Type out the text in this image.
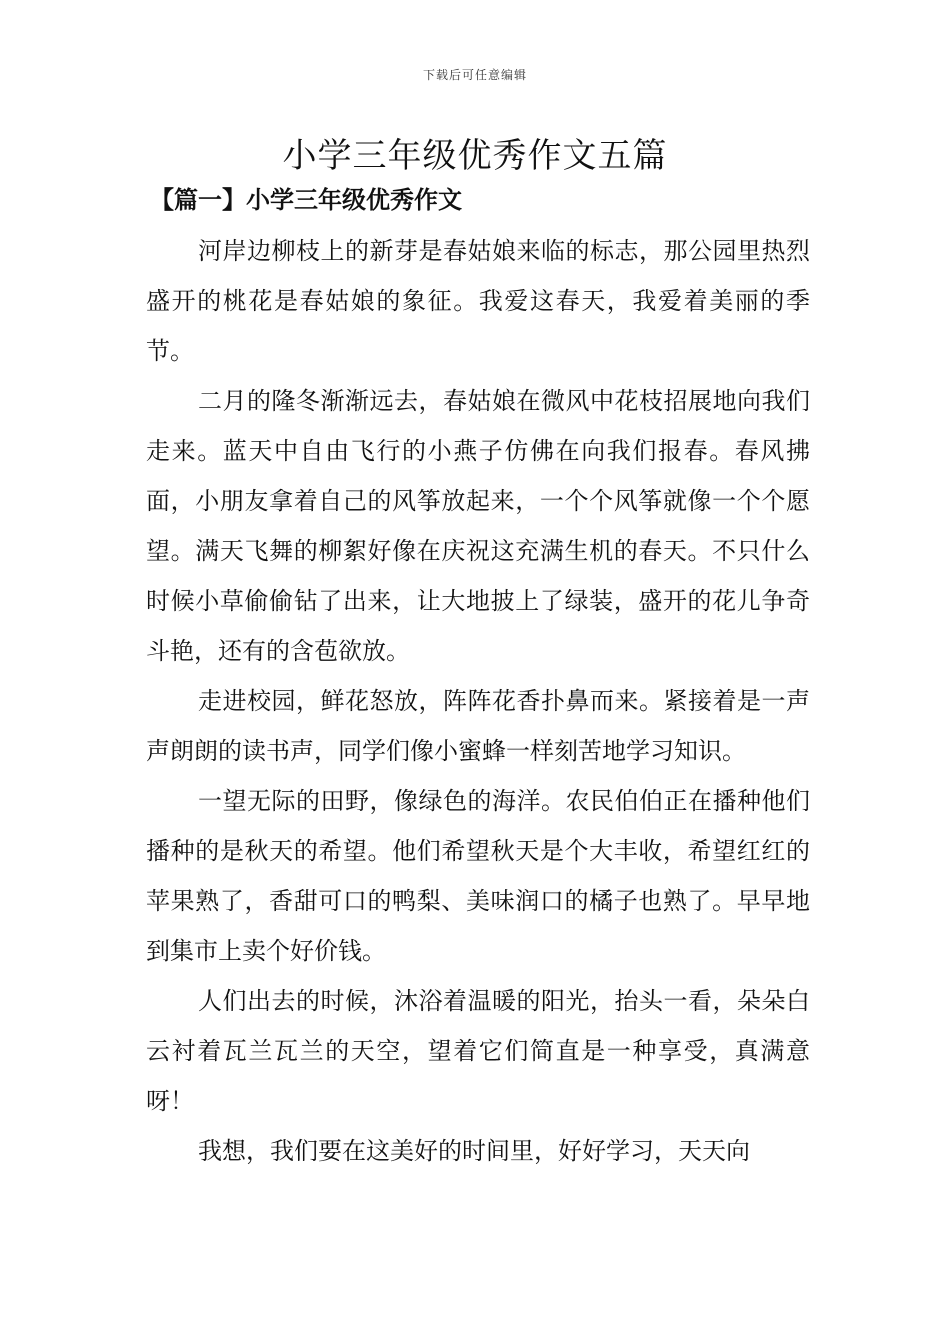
下载后可任意编辑
小学三年级优秀作文五篇
【篇一】小学三年级优秀作文

河岸边柳枝上的新芽是春姑娘来临的标志，那公园里热烈盛开的桃花是春姑娘的象征。我爱这春天，我爱着美丽的季节。

二月的隆冬渐渐远去，春姑娘在微风中花枝招展地向我们走来。蓝天中自由飞行的小燕子仿佛在向我们报春。春风拂面，小朋友拿着自己的风筝放起来，一个个风筝就像一个个愿望。满天飞舞的柳絮好像在庆祝这充满生机的春天。不只什么时候小草偷偷钻了出来，让大地披上了绿装，盛开的花儿争奇斗艳，还有的含苞欲放。

走进校园，鲜花怒放，阵阵花香扑鼻而来。紧接着是一声声朗朗的读书声，同学们像小蜜蜂一样刻苦地学习知识。

一望无际的田野，像绿色的海洋。农民伯伯正在播种他们播种的是秋天的希望。他们希望秋天是个大丰收，希望红红的苹果熟了，香甜可口的鸭梨、美味润口的橘子也熟了。早早地到集市上卖个好价钱。

人们出去的时候，沐浴着温暖的阳光，抬头一看，朵朵白云衬着瓦兰瓦兰的天空，望着它们简直是一种享受，真满意呀！

我想，我们要在这美好的时间里，好好学习，天天向
